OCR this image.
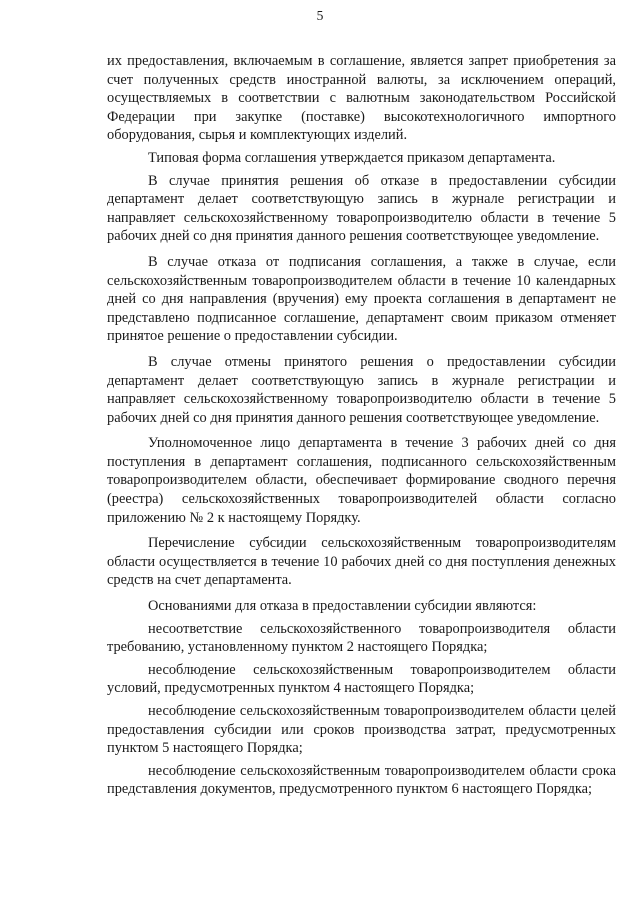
5

их предоставления, включаемым в соглашение, является запрет приобретения за счет полученных средств иностранной валюты, за исключением операций, осуществляемых в соответствии с валютным законодательством Российской Федерации при закупке (поставке) высокотехнологичного импортного оборудования, сырья и комплектующих изделий.

Типовая форма соглашения утверждается приказом департамента.

В случае принятия решения об отказе в предоставлении субсидии департамент делает соответствующую запись в журнале регистрации и направляет сельскохозяйственному товаропроизводителю области в течение 5 рабочих дней со дня принятия данного решения соответствующее уведомление.

В случае отказа от подписания соглашения, а также в случае, если сельскохозяйственным товаропроизводителем области в течение 10 календарных дней со дня направления (вручения) ему проекта соглашения в департамент не представлено подписанное соглашение, департамент своим приказом отменяет принятое решение о предоставлении субсидии.

В случае отмены принятого решения о предоставлении субсидии департамент делает соответствующую запись в журнале регистрации и направляет сельскохозяйственному товаропроизводителю области в течение 5 рабочих дней со дня принятия данного решения соответствующее уведомление.

Уполномоченное лицо департамента в течение 3 рабочих дней со дня поступления в департамент соглашения, подписанного сельскохозяйственным товаропроизводителем области, обеспечивает формирование сводного перечня (реестра) сельскохозяйственных товаропроизводителей области согласно приложению № 2 к настоящему Порядку.

Перечисление субсидии сельскохозяйственным товаропроизводителям области осуществляется в течение 10 рабочих дней со дня поступления денежных средств на счет департамента.

Основаниями для отказа в предоставлении субсидии являются:

несоответствие сельскохозяйственного товаропроизводителя области требованию, установленному пунктом 2 настоящего Порядка;

несоблюдение сельскохозяйственным товаропроизводителем области условий, предусмотренных пунктом 4 настоящего Порядка;

несоблюдение сельскохозяйственным товаропроизводителем области целей предоставления субсидии или сроков производства затрат, предусмотренных пунктом 5 настоящего Порядка;

несоблюдение сельскохозяйственным товаропроизводителем области срока представления документов, предусмотренного пунктом 6 настоящего Порядка;
